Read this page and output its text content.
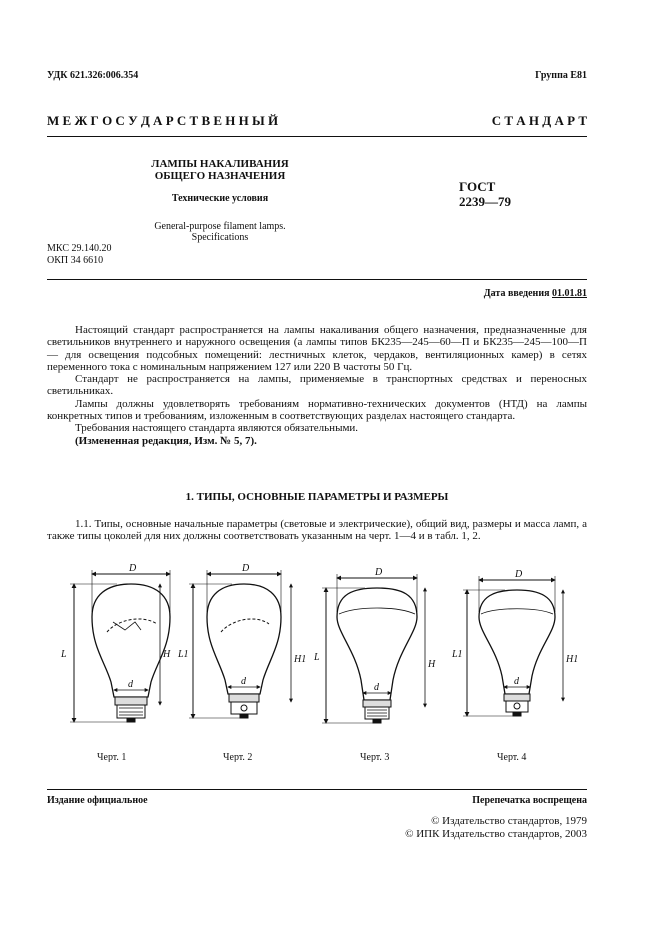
УДК 621.326:006.354	Группа E81
М Е Ж Г О С У Д А Р С Т В Е Н Н Ы Й	С Т А Н Д А Р Т
ЛАМПЫ НАКАЛИВАНИЯ
ОБЩЕГО НАЗНАЧЕНИЯ
Технические условия
General-purpose filament lamps.
Specifications
ГОСТ
2239—79
МКС 29.140.20
ОКП 34 6610
Дата введения 01.01.81

Настоящий стандарт распространяется на лампы накаливания общего назначения, предназначенные для светильников внутреннего и наружного освещения (а лампы типов БК235—245—60—П и БК235—245—100—П — для освещения подсобных помещений: лестничных клеток, чердаков, вентиляционных камер) в сетях переменного тока с номинальным напряжением 127 или 220 В частоты 50 Гц.

Стандарт не распространяется на лампы, применяемые в транспортных средствах и переносных светильниках.

Лампы должны удовлетворять требованиям нормативно-технических документов (НТД) на лампы конкретных типов и требованиям, изложенным в соответствующих разделах настоящего стандарта.

Требования настоящего стандарта являются обязательными.

(Измененная редакция, Изм. № 5, 7).

1. ТИПЫ, ОСНОВНЫЕ ПАРАМЕТРЫ И РАЗМЕРЫ

1.1. Типы, основные начальные параметры (световые и электрические), общий вид, размеры и масса ламп, а также типы цоколей для них должны соответствовать указанным на черт. 1—4 и в табл. 1, 2.

D
d
L	H
Черт. 1
D
d
L1	H1
Черт. 2
D
d
L
H
Черт. 3
D
d
L1	H1
Черт. 4
Издание официальное	Перепечатка воспрещена
© Издательство стандартов, 1979
© ИПК Издательство стандартов, 2003
